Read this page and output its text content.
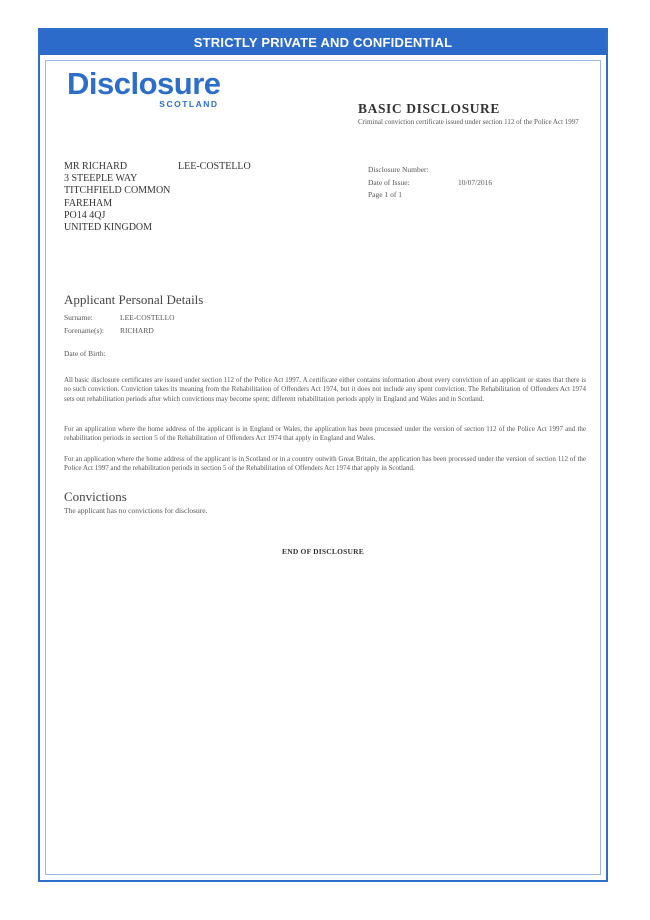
STRICTLY PRIVATE AND CONFIDENTIAL
Disclosure
SCOTLAND	BASIC DISCLOSURE
Criminal conviction certificate issued under section 112 of the Police Act 1997
MR RICHARD	LEE-COSTELLO
3 STEEPLE WAY
TITCHFIELD COMMON
FAREHAM
PO14 4QJ
UNITED KINGDOM
Disclosure Number:
Date of Issue:	10/07/2016
Page 1 of 1
Applicant Personal Details
Surname:	LEE-COSTELLO
Forename(s): RICHARD
Date of Birth:
All basic disclosure certificates are issued under section 112 of the Police Act 1997. A certificate either contains information about every conviction of an applicant or states that there is no such conviction. Conviction takes its meaning from the Rehabilitation of Offenders Act 1974, but it does not include any spent conviction. The Rehabilitation of Offenders Act 1974 sets out rehabilitation periods after which convictions may become spent; different rehabilitation periods apply in England and Wales and in Scotland.
For an application where the home address of the applicant is in England or Wales, the application has been processed under the version of section 112 of the Police Act 1997 and the rehabilitation periods in section 5 of the Rehabilitation of Offenders Act 1974 that apply in England and Wales.
For an application where the home address of the applicant is in Scotland or in a country outwith Great Britain, the application has been processed under the version of section 112 of the Police Act 1997 and the rehabilitation periods in section 5 of the Rehabilitation of Offenders Act 1974 that apply in Scotland.
Convictions
The applicant has no convictions for disclosure.
END OF DISCLOSURE
